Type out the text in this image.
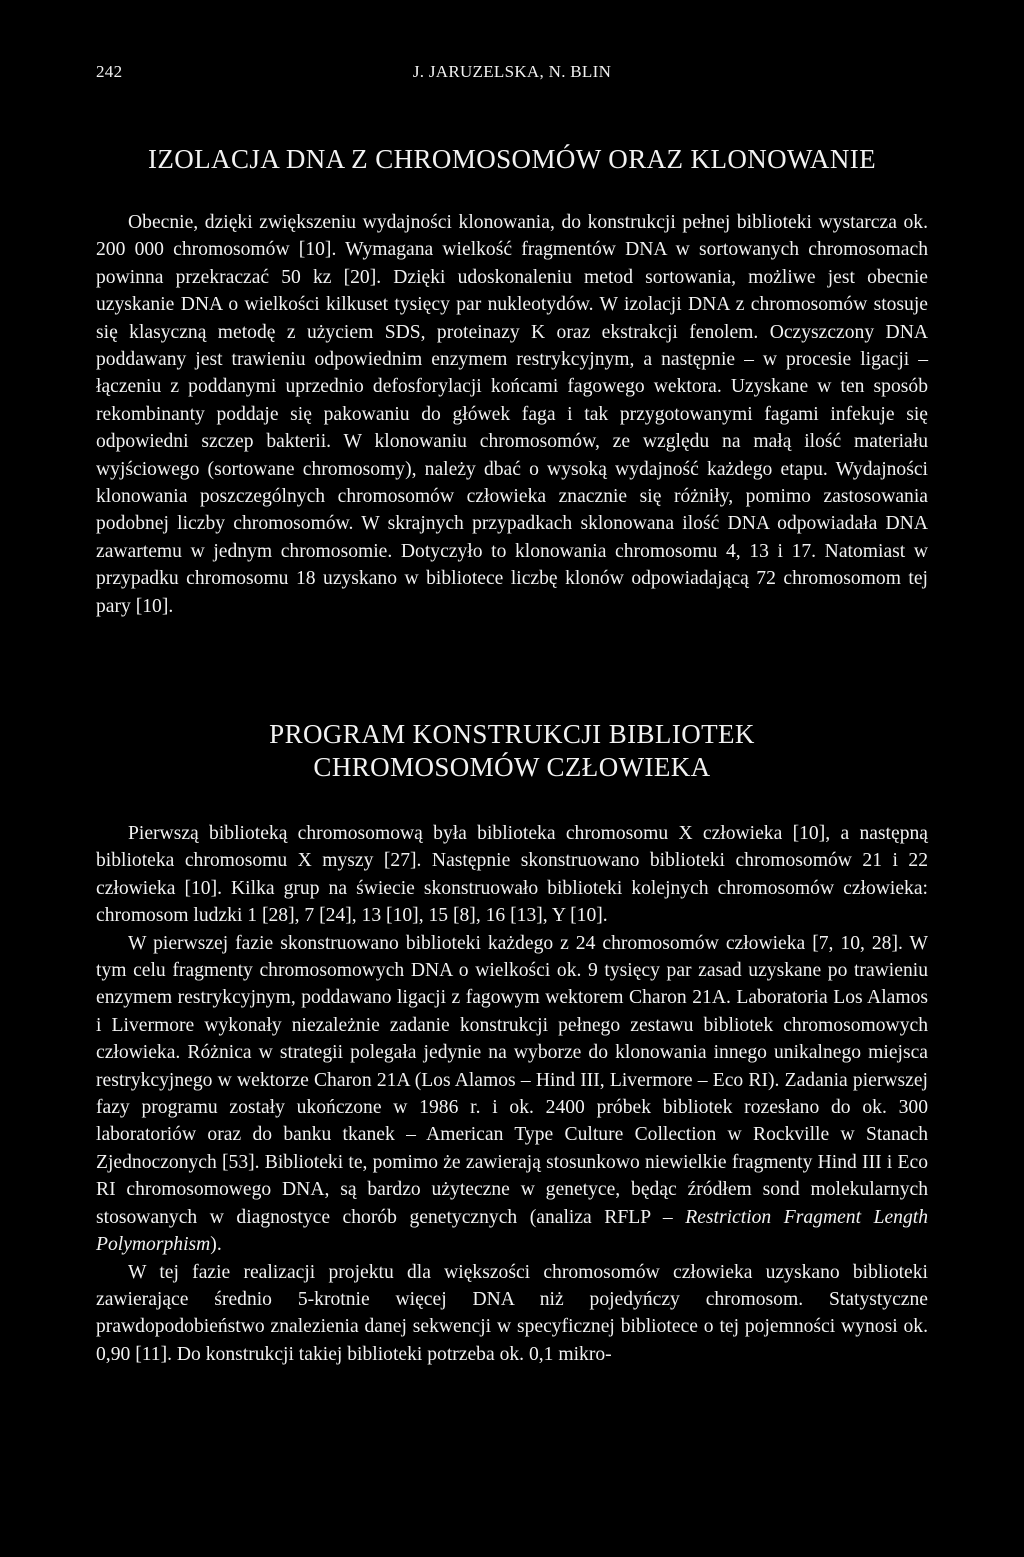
242	J. JARUZELSKA, N. BLIN
IZOLACJA DNA Z CHROMOSOMÓW ORAZ KLONOWANIE

Obecnie, dzięki zwiększeniu wydajności klonowania, do konstrukcji pełnej biblioteki wystarcza ok. 200 000 chromosomów [10]. Wymagana wielkość fragmentów DNA w sortowanych chromosomach powinna przekraczać 50 kz [20]. Dzięki udoskonaleniu metod sortowania, możliwe jest obecnie uzyskanie DNA o wielkości kilkuset tysięcy par nukleotydów. W izolacji DNA z chromosomów stosuje się klasyczną metodę z użyciem SDS, proteinazy K oraz ekstrakcji fenolem. Oczyszczony DNA poddawany jest trawieniu odpowiednim enzymem restrykcyjnym, a następnie – w procesie ligacji – łączeniu z poddanymi uprzednio defosforylacji końcami fagowego wektora. Uzyskane w ten sposób rekombinanty poddaje się pakowaniu do główek faga i tak przygotowanymi fagami infekuje się odpowiedni szczep bakterii. W klonowaniu chromosomów, ze względu na małą ilość materiału wyjściowego (sortowane chromosomy), należy dbać o wysoką wydajność każdego etapu. Wydajności klonowania poszczególnych chromosomów człowieka znacznie się różniły, pomimo zastosowania podobnej liczby chromosomów. W skrajnych przypadkach sklonowana ilość DNA odpowiadała DNA zawartemu w jednym chromosomie. Dotyczyło to klonowania chromosomu 4, 13 i 17. Natomiast w przypadku chromosomu 18 uzyskano w bibliotece liczbę klonów odpowiadającą 72 chromosomom tej pary [10].

PROGRAM KONSTRUKCJI BIBLIOTEK
CHROMOSOMÓW CZŁOWIEKA

Pierwszą biblioteką chromosomową była biblioteka chromosomu X człowieka [10], a następną biblioteka chromosomu X myszy [27]. Następnie skonstruowano biblioteki chromosomów 21 i 22 człowieka [10]. Kilka grup na świecie skonstruowało biblioteki kolejnych chromosomów człowieka: chromosom ludzki 1 [28], 7 [24], 13 [10], 15 [8], 16 [13], Y [10].

W pierwszej fazie skonstruowano biblioteki każdego z 24 chromosomów człowieka [7, 10, 28]. W tym celu fragmenty chromosomowych DNA o wielkości ok. 9 tysięcy par zasad uzyskane po trawieniu enzymem restrykcyjnym, poddawano ligacji z fagowym wektorem Charon 21A. Laboratoria Los Alamos i Livermore wykonały niezależnie zadanie konstrukcji pełnego zestawu bibliotek chromosomowych człowieka. Różnica w strategii polegała jedynie na wyborze do klonowania innego unikalnego miejsca restrykcyjnego w wektorze Charon 21A (Los Alamos – Hind III, Livermore – Eco RI). Zadania pierwszej fazy programu zostały ukończone w 1986 r. i ok. 2400 próbek bibliotek rozesłano do ok. 300 laboratoriów oraz do banku tkanek – American Type Culture Collection w Rockville w Stanach Zjednoczonych [53]. Biblioteki te, pomimo że zawierają stosunkowo niewielkie fragmenty Hind III i Eco RI chromosomowego DNA, są bardzo użyteczne w genetyce, będąc źródłem sond molekularnych stosowanych w diagnostyce chorób genetycznych (analiza RFLP – Restriction Fragment Length Polymorphism).

W tej fazie realizacji projektu dla większości chromosomów człowieka uzyskano biblioteki zawierające średnio 5-krotnie więcej DNA niż pojedyńczy chromosom. Statystyczne prawdopodobieństwo znalezienia danej sekwencji w specyficznej bibliotece o tej pojemności wynosi ok. 0,90 [11]. Do konstrukcji takiej biblioteki potrzeba ok. 0,1 mikro-
